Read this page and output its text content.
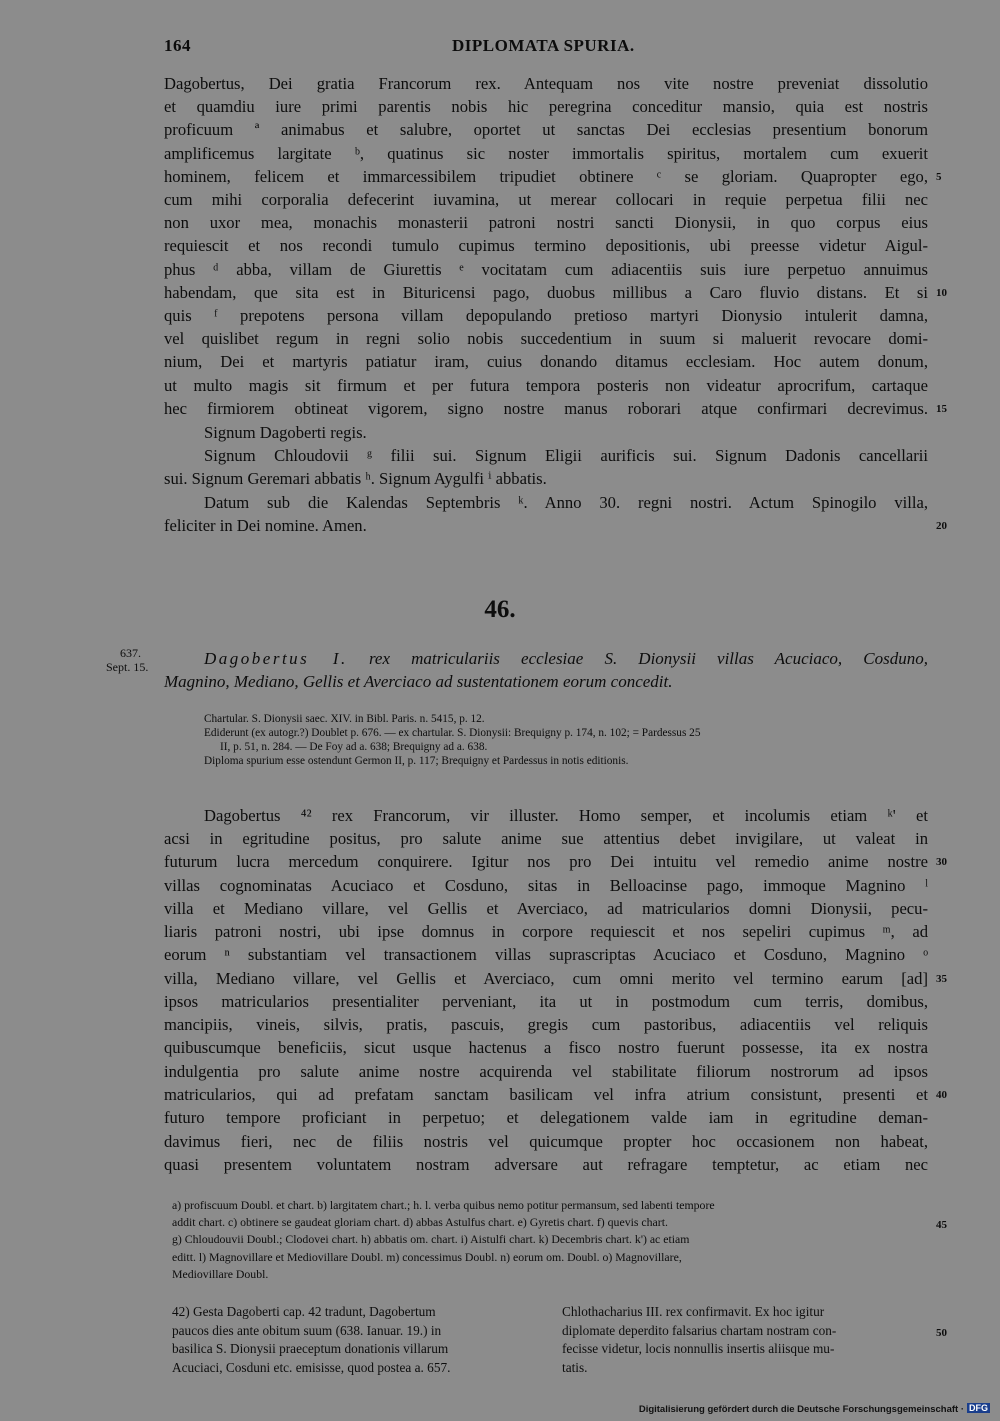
164	DIPLOMATA SPURIA.
Dagobertus, Dei gratia Francorum rex. Antequam nos vite nostre preveniat dissolutio
et quamdiu iure primi parentis nobis hic peregrina conceditur mansio, quia est nostris
proficuum ª animabus et salubre, oportet ut sanctas Dei ecclesias presentium bonorum
amplificemus largitate ᵇ, quatinus sic noster immortalis spiritus, mortalem cum exuerit
hominem, felicem et immarcessibilem tripudiet obtinere ᶜ se gloriam. Quapropter ego,
cum mihi corporalia defecerint iuvamina, ut merear collocari in requie perpetua filii nec
non uxor mea, monachis monasterii patroni nostri sancti Dionysii, in quo corpus eius
requiescit et nos recondi tumulo cupimus termino depositionis, ubi preesse videtur Aigul-
phus ᵈ abba, villam de Giurettis ᵉ vocitatam cum adiacentiis suis iure perpetuo annuimus
habendam, que sita est in Bituricensi pago, duobus millibus a Caro fluvio distans. Et si
quis ᶠ prepotens persona villam depopulando pretioso martyri Dionysio intulerit damna,
vel quislibet regum in regni solio nobis succedentium in suum si maluerit revocare domi-
nium, Dei et martyris patiatur iram, cuius donando ditamus ecclesiam. Hoc autem donum,
ut multo magis sit firmum et per futura tempora posteris non videatur aprocrifum, cartaque
hec firmiorem obtineat vigorem, signo nostre manus roborari atque confirmari decrevimus.
Signum Dagoberti regis.
Signum Chloudovii ᵍ filii sui. Signum Eligii aurificis sui. Signum Dadonis cancellarii
sui. Signum Geremari abbatis ʰ. Signum Aygulfi ⁱ abbatis.
Datum sub die Kalendas Septembris ᵏ. Anno 30. regni nostri. Actum Spinogilo villa,
feliciter in Dei nomine. Amen.
5
10
15
20
46.
637.
Sept. 15.	Dagobertus I. rex matriculariis ecclesiae S. Dionysii villas Acuciaco, Cosduno,
Magnino, Mediano, Gellis et Averciaco ad sustentationem eorum concedit.
Chartular. S. Dionysii saec. XIV. in Bibl. Paris. n. 5415, p. 12.
Ediderunt (ex autogr.?) Doublet p. 676. — ex chartular. S. Dionysii: Brequigny p. 174, n. 102; = Pardessus 25
II, p. 51, n. 284. — De Foy ad a. 638; Brequigny ad a. 638.
Diploma spurium esse ostendunt Germon II, p. 117; Brequigny et Pardessus in notis editionis.
Dagobertus ⁴² rex Francorum, vir illuster. Homo semper, et incolumis etiam ᵏ' et
acsi in egritudine positus, pro salute anime sue attentius debet invigilare, ut valeat in
futurum lucra mercedum conquirere. Igitur nos pro Dei intuitu vel remedio anime nostre
villas cognominatas Acuciaco et Cosduno, sitas in Belloacinse pago, immoque Magnino ˡ
villa et Mediano villare, vel Gellis et Averciaco, ad matricularios domni Dionysii, pecu-
liaris patroni nostri, ubi ipse domnus in corpore requiescit et nos sepeliri cupimus ᵐ, ad
eorum ⁿ substantiam vel transactionem villas suprascriptas Acuciaco et Cosduno, Magnino ᵒ
villa, Mediano villare, vel Gellis et Averciaco, cum omni merito vel termino earum [ad]
ipsos matricularios presentialiter perveniant, ita ut in postmodum cum terris, domibus,
mancipiis, vineis, silvis, pratis, pascuis, gregis cum pastoribus, adiacentiis vel reliquis
quibuscumque beneficiis, sicut usque hactenus a fisco nostro fuerunt possesse, ita ex nostra
indulgentia pro salute anime nostre acquirenda vel stabilitate filiorum nostrorum ad ipsos
matricularios, qui ad prefatam sanctam basilicam vel infra atrium consistunt, presenti et
futuro tempore proficiant in perpetuo; et delegationem valde iam in egritudine deman-
davimus fieri, nec de filiis nostris vel quicumque propter hoc occasionem non habeat,
quasi presentem voluntatem nostram adversare aut refragare temptetur, ac etiam nec
30
35
40
a) profiscuum Doubl. et chart. b) largitatem chart.; h. l. verba quibus nemo potitur permansum, sed labenti tempore
addit chart. c) obtinere se gaudeat gloriam chart. d) abbas Astulfus chart. e) Gyretis chart. f) quevis chart.
g) Chloudouvii Doubl.; Clodovei chart. h) abbatis om. chart. i) Aistulfi chart. k) Decembris chart. k') ac etiam
editt. l) Magnovillare et Mediovillare Doubl. m) concessimus Doubl. n) eorum om. Doubl. o) Magnovillare,
Mediovillare Doubl.
45
42) Gesta Dagoberti cap. 42 tradunt, Dagobertum
paucos dies ante obitum suum (638. Ianuar. 19.) in
basilica S. Dionysii praeceptum donationis villarum
Acuciaci, Cosduni etc. emisisse, quod postea a. 657.
Chlothacharius III. rex confirmavit. Ex hoc igitur
diplomate deperdito falsarius chartam nostram con-
fecisse videtur, locis nonnullis insertis aliisque mu-
tatis.
50
Digitalisierung gefördert durch die Deutsche Forschungsgemeinschaft · DFG
